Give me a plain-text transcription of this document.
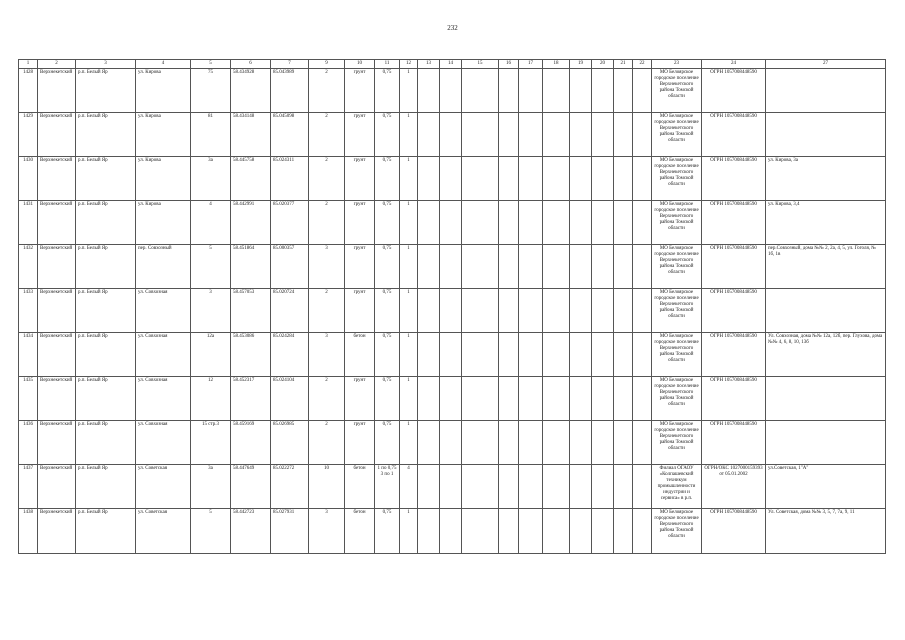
232
1	2	3	4	5	6	7	9	10	11	12	13	14	15	16	17	18	19	20	21	22	23	24	27
1428	Верхнекетский	р.п. Белый Яр	ул. Кирова	75	58.434928	85.043989	2	грунт	0,75	1											МО Белоярское городское поселение Верхнекетского района Томской области	ОГРН 1057008448590	
1429	Верхнекетский	р.п. Белый Яр	ул. Кирова	81	58.434148	85.045098	2	грунт	0,75	1											МО Белоярское городское поселение Верхнекетского района Томской области	ОГРН 1057008448590	
1430	Верхнекетский	р.п. Белый Яр	ул. Кирова	3а	58.445758	85.024311	2	грунт	0,75	1											МО Белоярское городское поселение Верхнекетского района Томской области	ОГРН 1057008448590	ул. Кирова, 3а
1431	Верхнекетский	р.п. Белый Яр	ул. Кирова	4	58.442991	85.020377	2	грунт	0,75	1											МО Белоярское городское поселение Верхнекетского района Томской области	ОГРН 1057008448590	ул. Кирова, 3,4
1432	Верхнекетский	р.п. Белый Яр	пер. Совхозный	5	58.451864	85.000357	3	грунт	0,75	1											МО Белоярское городское поселение Верхнекетского района Томской области	ОГРН 1057008448590	пер.Совхозный, дома №№ 2, 2а, 4, 5, ул. Гоголя, № 1б, 1в
1433	Верхнекетский	р.п. Белый Яр	ул. Совхозная	3	58.457053	85.020724	2	грунт	0,75	1											МО Белоярское городское поселение Верхнекетского района Томской области	ОГРН 1057008448590	
1434	Верхнекетский	р.п. Белый Яр	ул. Совхозная	12а	58.453086	85.024284	3	бетон	0,75	1											МО Белоярское городское поселение Верхнекетского района Томской области	ОГРН 1057008448590	Ул. Совхозная, дома №№ 12а, 12б, пер. Глухова, дома №№ 4, 6, 8, 10, 13б
1435	Верхнекетский	р.п. Белый Яр	ул. Совхозная	12	58.452317	85.024104	2	грунт	0,75	1											МО Белоярское городское поселение Верхнекетского района Томской области	ОГРН 1057008448590	
1436	Верхнекетский	р.п. Белый Яр	ул. Совхозная	15 стр.3	58.459169	85.026985	2	грунт	0,75	1											МО Белоярское городское поселение Верхнекетского района Томской области	ОГРН 1057008448590	
1437	Верхнекетский	р.п. Белый Яр	ул. Советская	3а	58.447649	85.022272	10	бетон	1 по 0,75 3 по 1	4											Филиал ОГАОУ «Колпашевский техникум промышленности индустрии и сервиса» в р.п.	ОГРН/ОКС 1027000159393 от 05.01.2002	ул.Советская, 1"А"
1438	Верхнекетский	р.п. Белый Яр	ул. Советская	5	58.442723	85.027931	3	бетон	0,75	1											МО Белоярское городское поселение Верхнекетского района Томской области	ОГРН 1057008448590	Ул. Советская, дома №№ 3, 5, 7, 7а, 9, 11
